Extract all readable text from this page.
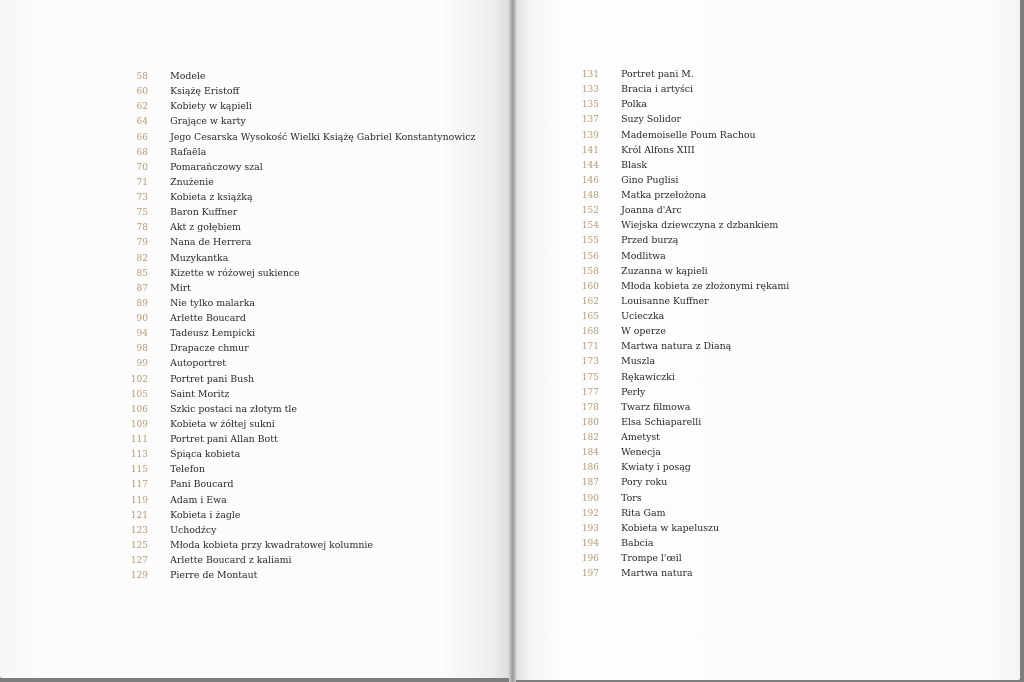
58 Modele
60 Książę Eristoff
62 Kobiety w kąpieli
64 Grające w karty
66 Jego Cesarska Wysokość Wielki Książę Gabriel Konstantynowicz
68 Rafaëla
70 Pomarańczowy szal
71 Znużenie
73 Kobieta z książką
75 Baron Kuffner
78 Akt z gołębiem
79 Nana de Herrera
82 Muzykantka
85 Kizette w różowej sukience
87 Mirt
89 Nie tylko malarka
90 Arlette Boucard
94 Tadeusz Łempicki
98 Drapacze chmur
99 Autoportret
102 Portret pani Bush
105 Saint Moritz
106 Szkic postaci na złotym tle
109 Kobieta w żółtej sukni
111 Portret pani Allan Bott
113 Śpiąca kobieta
115 Telefon
117 Pani Boucard
119 Adam i Ewa
121 Kobieta i żagle
123 Uchodźcy
125 Młoda kobieta przy kwadratowej kolumnie
127 Arlette Boucard z kaliami
129 Pierre de Montaut
131 Portret pani M.
133 Bracia i artyści
135 Polka
137 Suzy Solidor
139 Mademoiselle Poum Rachou
141 Król Alfons XIII
144 Blask
146 Gino Puglisi
148 Matka przełożona
152 Joanna d'Arc
154 Wiejska dziewczyna z dzbankiem
155 Przed burzą
156 Modlitwa
158 Zuzanna w kąpieli
160 Młoda kobieta ze złożonymi rękami
162 Louisanne Kuffner
165 Ucieczka
168 W operze
171 Martwa natura z Dianą
173 Muszla
175 Rękawiczki
177 Perły
178 Twarz filmowa
180 Elsa Schiaparelli
182 Ametyst
184 Wenecja
186 Kwiaty i posąg
187 Pory roku
190 Tors
192 Rita Gam
193 Kobieta w kapeluszu
194 Babcia
196 Trompe l'œil
197 Martwa natura
